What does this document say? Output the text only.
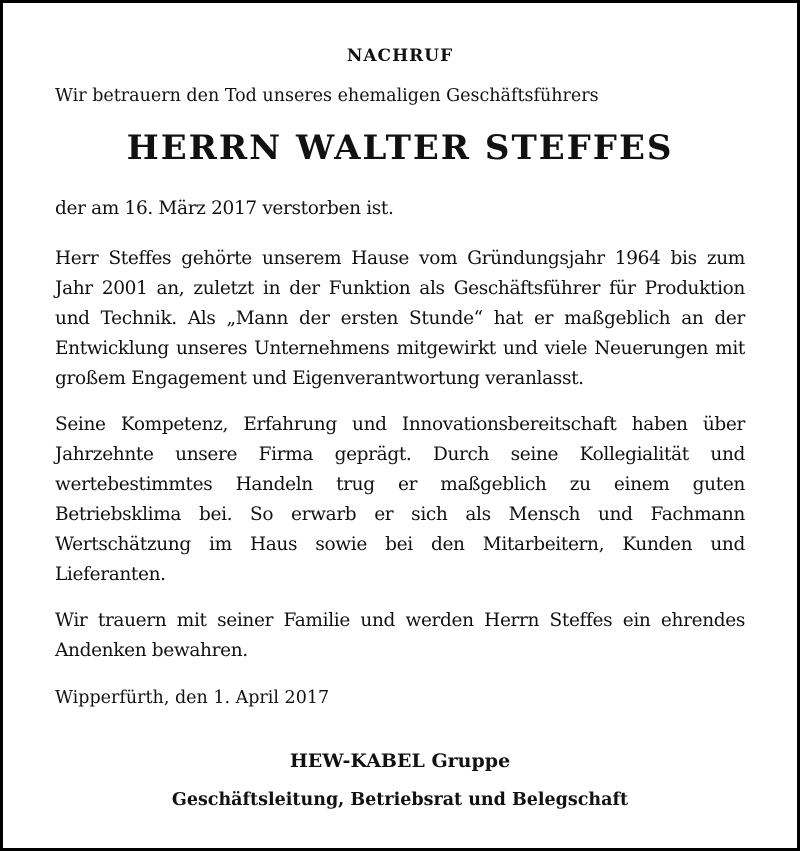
NACHRUF
Wir betrauern den Tod unseres ehemaligen Geschäftsführers
HERRN WALTER STEFFES
der am 16. März 2017 verstorben ist.
Herr Steffes gehörte unserem Hause vom Gründungsjahr 1964 bis zum Jahr 2001 an, zuletzt in der Funktion als Geschäftsführer für Produktion und Technik. Als „Mann der ersten Stunde“ hat er maßgeblich an der Entwicklung unseres Unternehmens mitgewirkt und viele Neuerungen mit großem Engagement und Eigenverantwortung veranlasst.
Seine Kompetenz, Erfahrung und Innovationsbereitschaft haben über Jahrzehnte unsere Firma geprägt. Durch seine Kollegialität und wertebestimmtes Handeln trug er maßgeblich zu einem guten Betriebsklima bei. So erwarb er sich als Mensch und Fachmann Wertschätzung im Haus sowie bei den Mitarbeitern, Kunden und Lieferanten.
Wir trauern mit seiner Familie und werden Herrn Steffes ein ehrendes Andenken bewahren.
Wipperfürth, den 1. April 2017
HEW-KABEL Gruppe
Geschäftsleitung, Betriebsrat und Belegschaft
